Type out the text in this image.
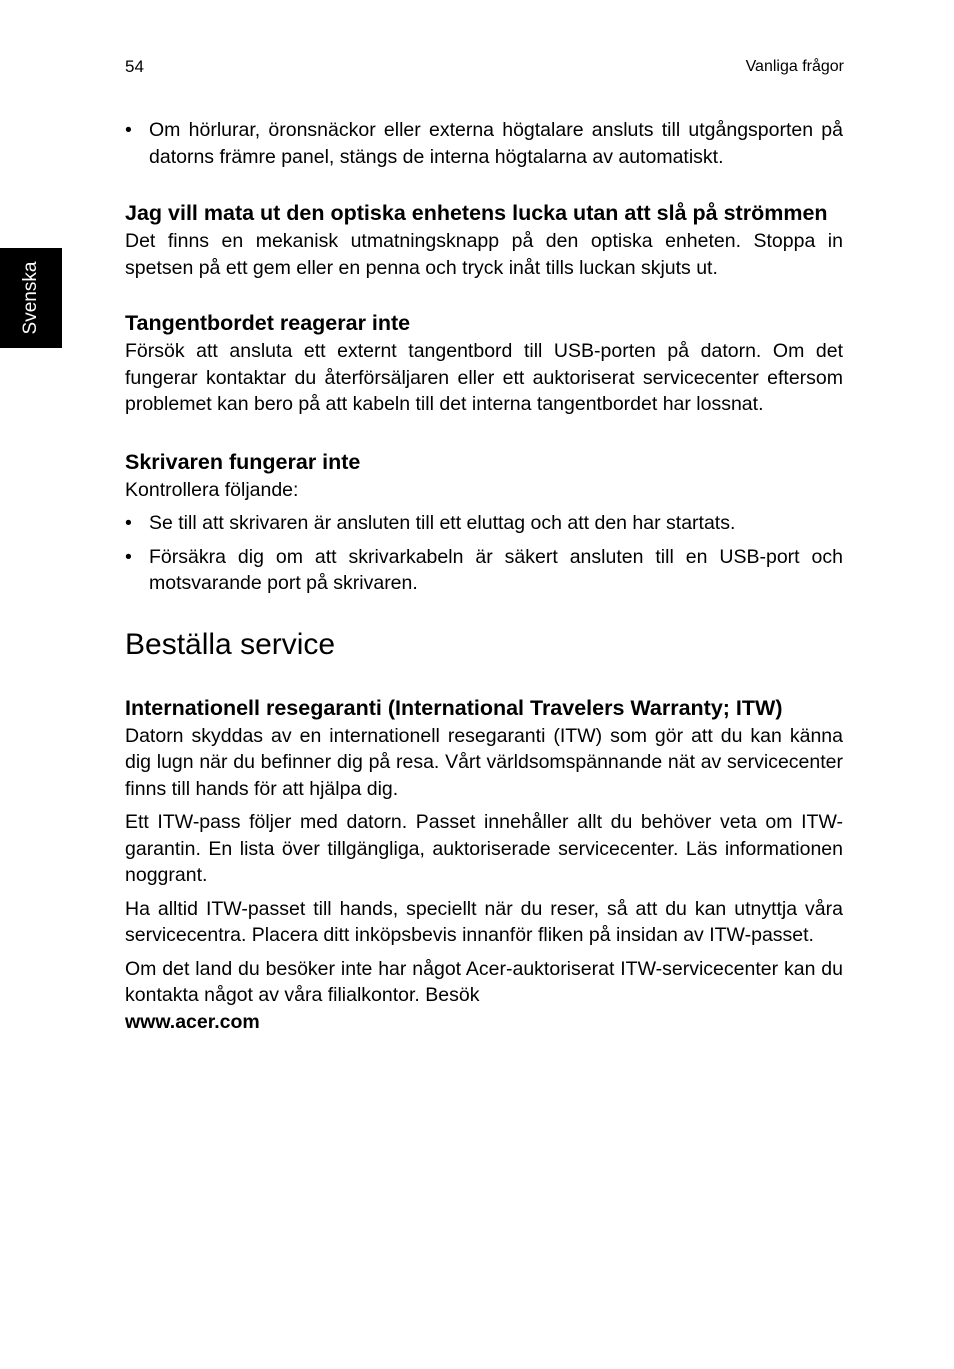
54	Vanliga frågor
Svenska
• Om hörlurar, öronsnäckor eller externa högtalare ansluts till utgångsporten på datorns främre panel, stängs de interna högtalarna av automatiskt.
Jag vill mata ut den optiska enhetens lucka utan att slå på strömmen

Det finns en mekanisk utmatningsknapp på den optiska enheten. Stoppa in spetsen på ett gem eller en penna och tryck inåt tills luckan skjuts ut.

Tangentbordet reagerar inte

Försök att ansluta ett externt tangentbord till USB-porten på datorn. Om det fungerar kontaktar du återförsäljaren eller ett auktoriserat servicecenter eftersom problemet kan bero på att kabeln till det interna tangentbordet har lossnat.

Skrivaren fungerar inte

Kontrollera följande:

• Se till att skrivaren är ansluten till ett eluttag och att den har startats.
• Försäkra dig om att skrivarkabeln är säkert ansluten till en USB-port och motsvarande port på skrivaren.
Beställa service
Internationell resegaranti (International Travelers Warranty; ITW)

Datorn skyddas av en internationell resegaranti (ITW) som gör att du kan känna dig lugn när du befinner dig på resa. Vårt världsomspännande nät av servicecenter finns till hands för att hjälpa dig.

Ett ITW-pass följer med datorn. Passet innehåller allt du behöver veta om ITW-garantin. En lista över tillgängliga, auktoriserade servicecenter. Läs informationen noggrant.

Ha alltid ITW-passet till hands, speciellt när du reser, så att du kan utnyttja våra servicecentra. Placera ditt inköpsbevis innanför fliken på insidan av ITW-passet.

Om det land du besöker inte har något Acer-auktoriserat ITW-servicecenter kan du kontakta något av våra filialkontor. Besök
www.acer.com
